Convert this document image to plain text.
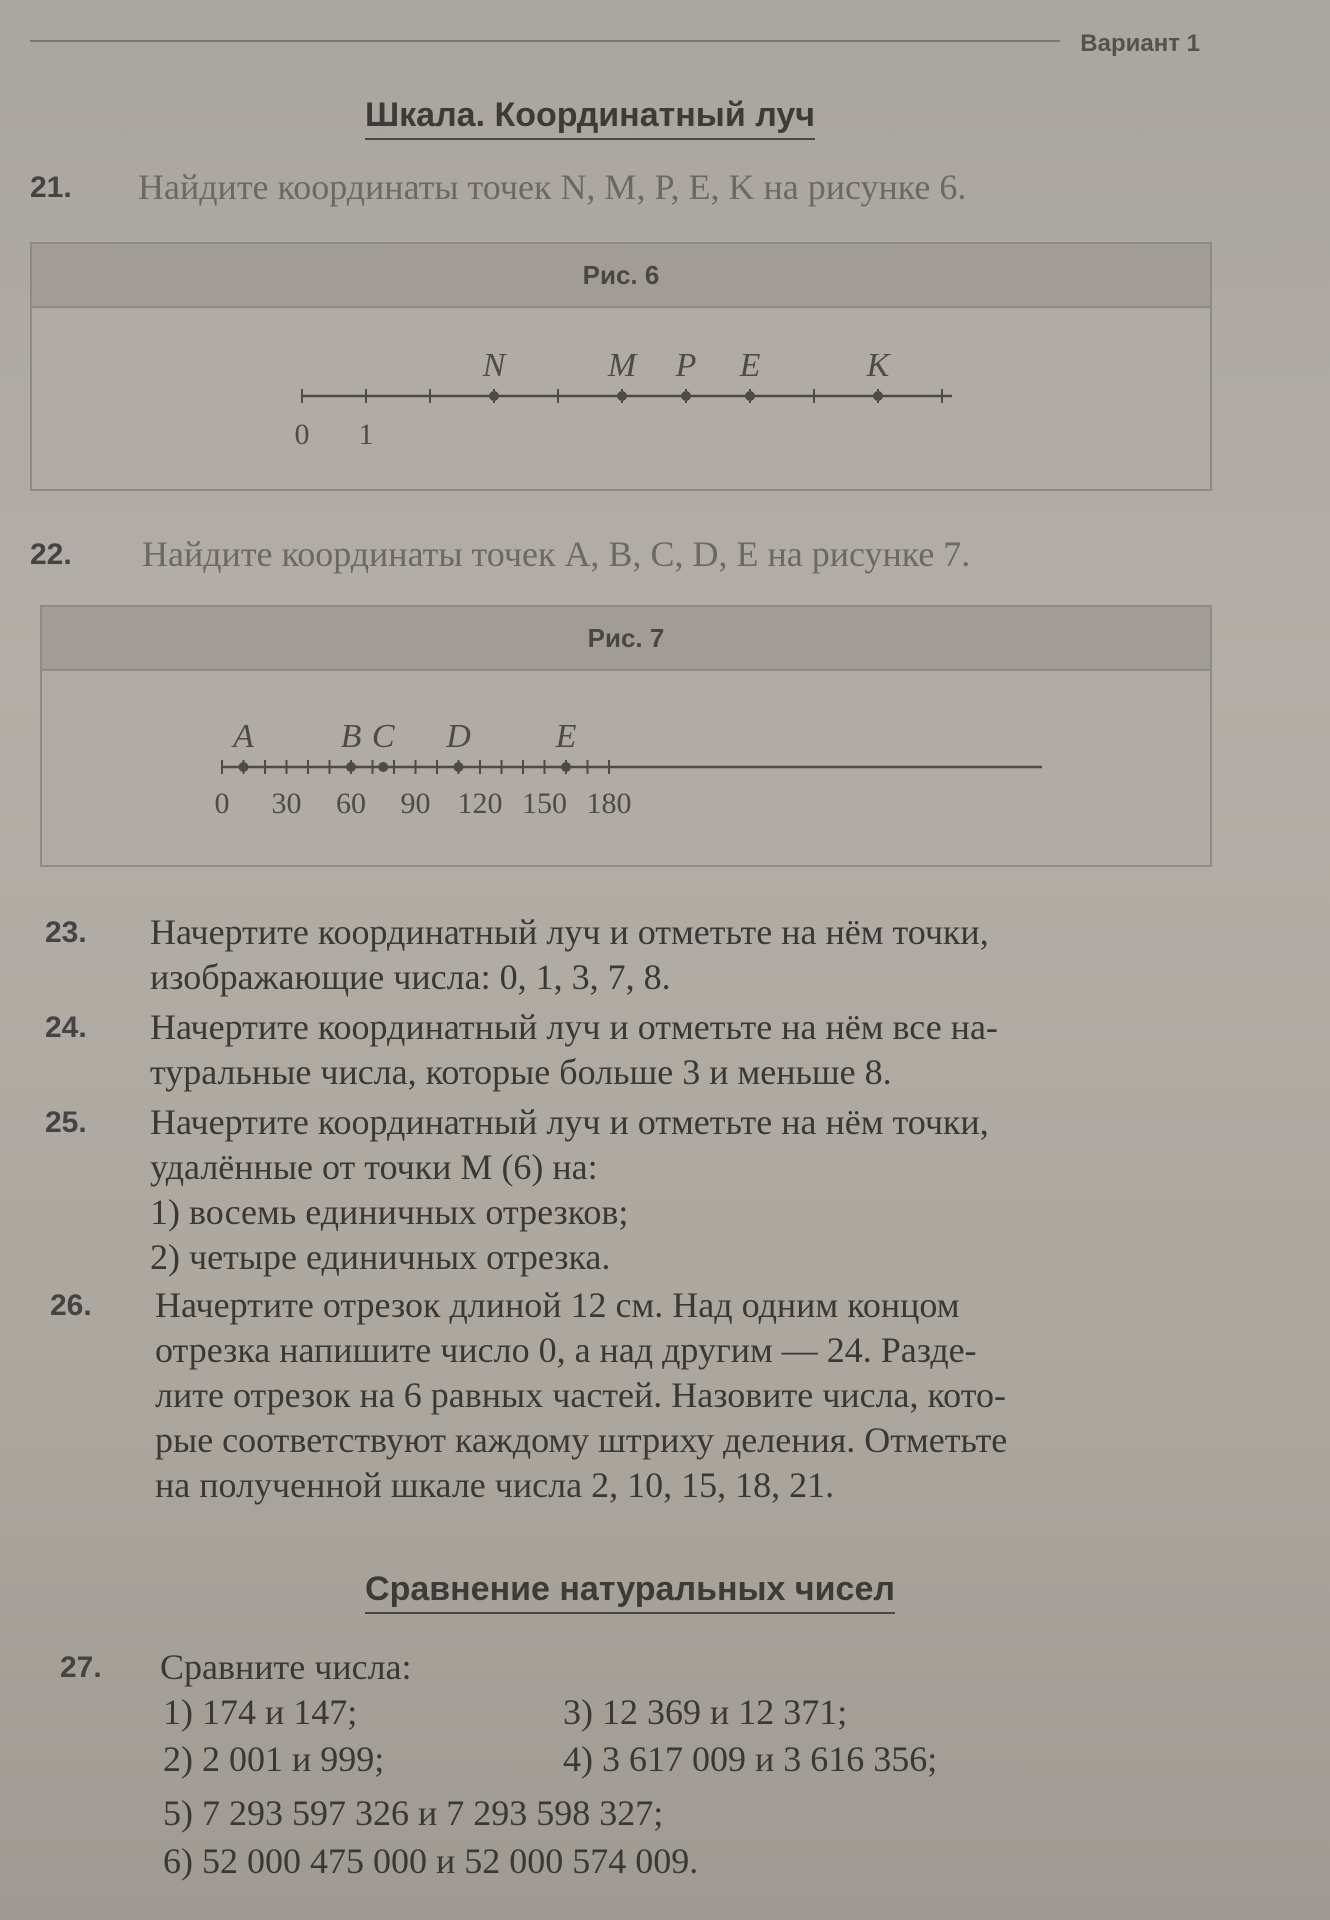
Вариант 1
Шкала. Координатный луч
21. Найдите координаты точек N, M, P, E, K на рисунке 6.
Рис. 6
0 1
N	M P E	K
22. Найдите координаты точек A, B, C, D, E на рисунке 7.
Рис. 7
0 30 60 90 120 150 180
A	B C D E
23. Начертите координатный луч и отметьте на нём точки,
изображающие числа: 0, 1, 3, 7, 8.
24. Начертите координатный луч и отметьте на нём все на-
туральные числа, которые больше 3 и меньше 8.
25. Начертите координатный луч и отметьте на нём точки,
удалённые от точки М (6) на:
1) восемь единичных отрезков;
2) четыре единичных отрезка.
26. Начертите отрезок длиной 12 см. Над одним концом
отрезка напишите число 0, а над другим — 24. Разде-
лите отрезок на 6 равных частей. Назовите числа, кото-
рые соответствуют каждому штриху деления. Отметьте
на полученной шкале числа 2, 10, 15, 18, 21.
Сравнение натуральных чисел
27. Сравните числа:
1) 174 и 147;	3) 12 369 и 12 371;
2) 2 001 и 999;	4) 3 617 009 и 3 616 356;
5) 7 293 597 326 и 7 293 598 327;
6) 52 000 475 000 и 52 000 574 009.
